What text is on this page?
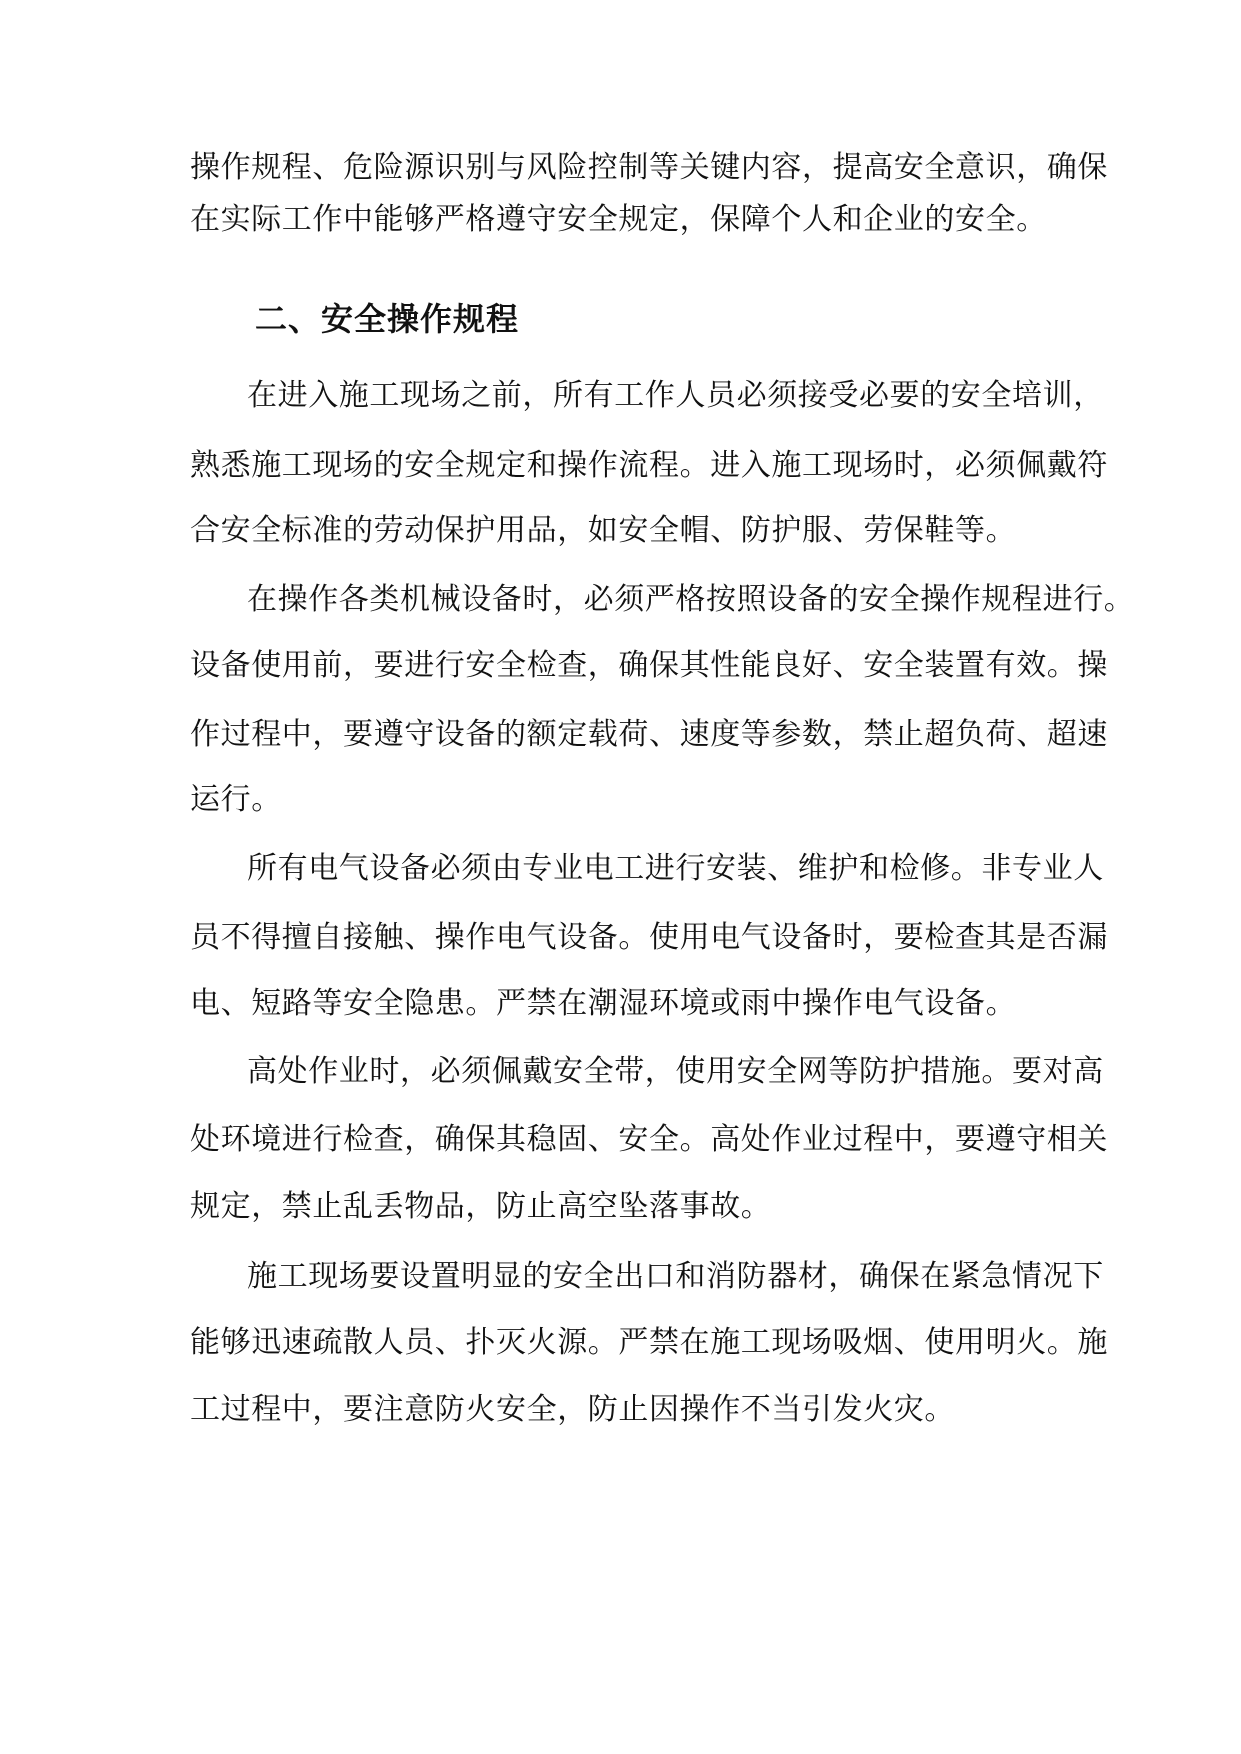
操作规程、危险源识别与风险控制等关键内容，提高安全意识，确保
在实际工作中能够严格遵守安全规定，保障个人和企业的安全。
二、安全操作规程
在进入施工现场之前，所有工作人员必须接受必要的安全培训，
熟悉施工现场的安全规定和操作流程。进入施工现场时，必须佩戴符
合安全标准的劳动保护用品，如安全帽、防护服、劳保鞋等。
在操作各类机械设备时，必须严格按照设备的安全操作规程进行。
设备使用前，要进行安全检查，确保其性能良好、安全装置有效。操
作过程中，要遵守设备的额定载荷、速度等参数，禁止超负荷、超速
运行。
所有电气设备必须由专业电工进行安装、维护和检修。非专业人
员不得擅自接触、操作电气设备。使用电气设备时，要检查其是否漏
电、短路等安全隐患。严禁在潮湿环境或雨中操作电气设备。
高处作业时，必须佩戴安全带，使用安全网等防护措施。要对高
处环境进行检查，确保其稳固、安全。高处作业过程中，要遵守相关
规定，禁止乱丢物品，防止高空坠落事故。
施工现场要设置明显的安全出口和消防器材，确保在紧急情况下
能够迅速疏散人员、扑灭火源。严禁在施工现场吸烟、使用明火。施
工过程中，要注意防火安全，防止因操作不当引发火灾。
